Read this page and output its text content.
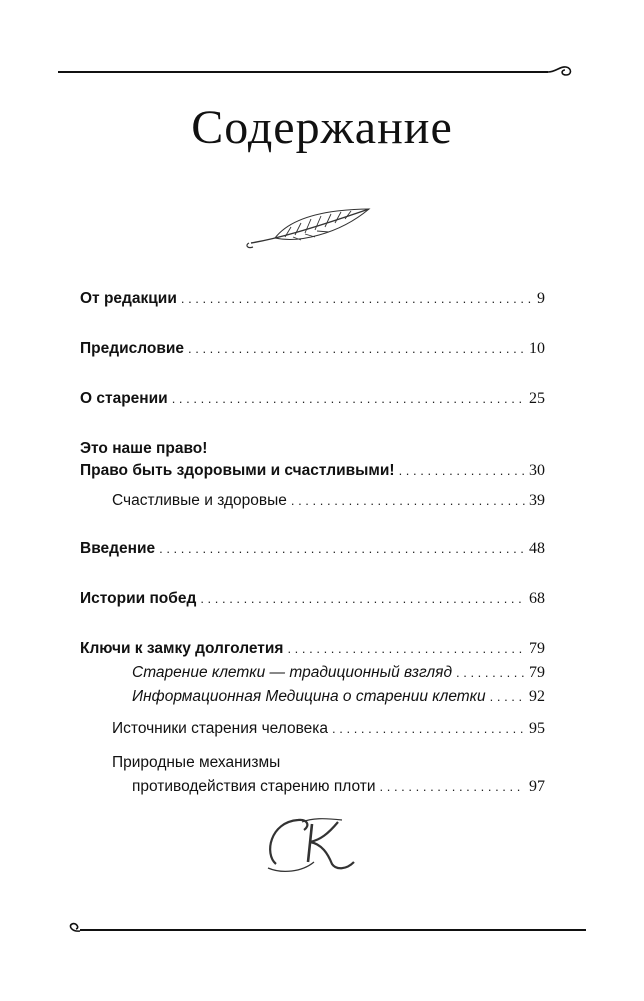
Содержание
От редакции . . .	9
Предисловие . . .	10
О старении . . .	25
Это наше право!
Право быть здоровыми и счастливыми! . . .	30
Счастливые и здоровые . . .	39
Введение . . .	48
Истории побед . . .	68
Ключи к замку долголетия . . .	79
Старение клетки — традиционный взгляд . . .	79
Информационная Медицина о старении клетки . . .	92
Источники старения человека . . .	95
Природные механизмы
противодействия старению плоти . . .	97
